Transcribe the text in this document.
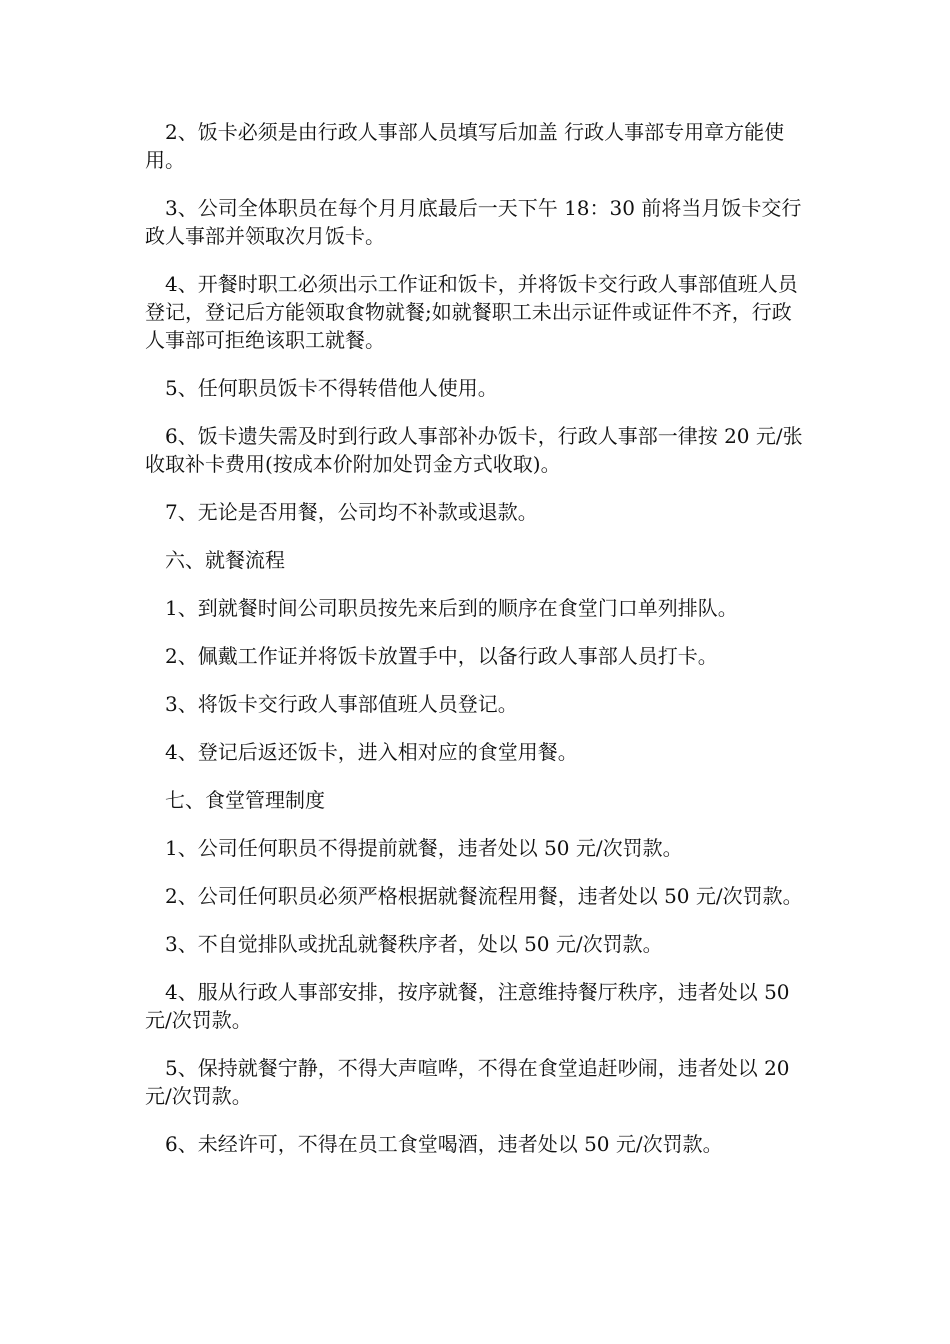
2、饭卡必须是由行政人事部人员填写后加盖 行政人事部专用章方能使用。

3、公司全体职员在每个月月底最后一天下午 18：30 前将当月饭卡交行政人事部并领取次月饭卡。

4、开餐时职工必须出示工作证和饭卡，并将饭卡交行政人事部值班人员登记，登记后方能领取食物就餐;如就餐职工未出示证件或证件不齐，行政人事部可拒绝该职工就餐。

5、任何职员饭卡不得转借他人使用。

6、饭卡遗失需及时到行政人事部补办饭卡，行政人事部一律按 20 元/张收取补卡费用(按成本价附加处罚金方式收取)。

7、无论是否用餐，公司均不补款或退款。

六、就餐流程

1、到就餐时间公司职员按先来后到的顺序在食堂门口单列排队。

2、佩戴工作证并将饭卡放置手中，以备行政人事部人员打卡。

3、将饭卡交行政人事部值班人员登记。

4、登记后返还饭卡，进入相对应的食堂用餐。

七、食堂管理制度

1、公司任何职员不得提前就餐，违者处以 50 元/次罚款。

2、公司任何职员必须严格根据就餐流程用餐，违者处以 50 元/次罚款。

3、不自觉排队或扰乱就餐秩序者，处以 50 元/次罚款。

4、服从行政人事部安排，按序就餐，注意维持餐厅秩序，违者处以 50 元/次罚款。

5、保持就餐宁静，不得大声喧哗，不得在食堂追赶吵闹，违者处以 20 元/次罚款。

6、未经许可，不得在员工食堂喝酒，违者处以 50 元/次罚款。
